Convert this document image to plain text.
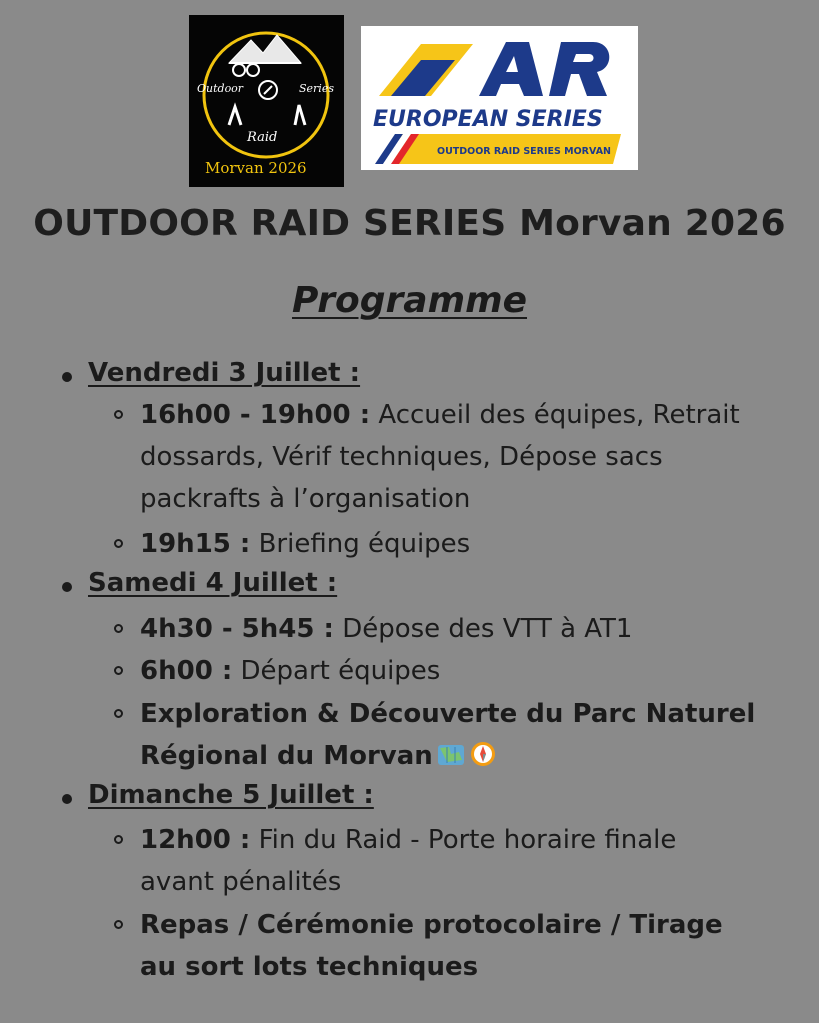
Outdoor	Series
Raid
Morvan 2026
EUROPEAN SERIES
OUTDOOR RAID SERIES MORVAN
OUTDOOR RAID SERIES Morvan 2026
Programme
Vendredi 3 Juillet :
16h00 - 19h00 : Accueil des équipes, Retrait
dossards, Vérif techniques, Dépose sacs
packrafts à l’organisation
19h15 : Briefing équipes
Samedi 4 Juillet :
4h30 - 5h45 : Dépose des VTT à AT1
6h00 : Départ équipes
Exploration & Découverte du Parc Naturel
Régional du Morvan
Dimanche 5 Juillet :
12h00 : Fin du Raid - Porte horaire finale
avant pénalités
Repas / Cérémonie protocolaire / Tirage
au sort lots techniques
